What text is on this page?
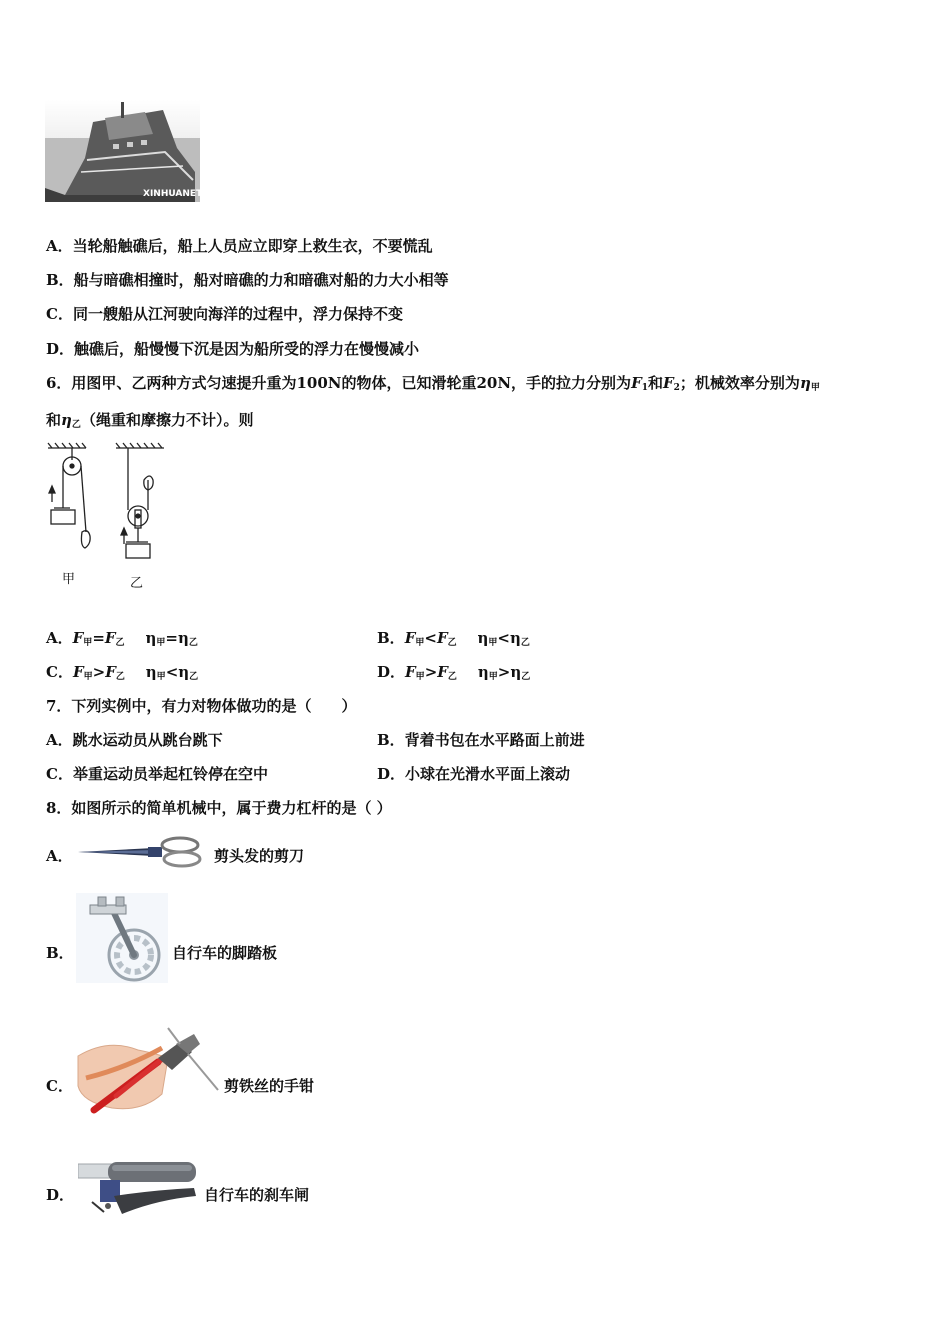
XINHUANET
A．当轮船触礁后，船上人员应立即穿上救生衣，不要慌乱
B．船与暗礁相撞时，船对暗礁的力和暗礁对船的力大小相等
C．同一艘船从江河驶向海洋的过程中，浮力保持不变
D．触礁后，船慢慢下沉是因为船所受的浮力在慢慢减小
6．用图甲、乙两种方式匀速提升重为100N的物体，已知滑轮重20N，手的拉力分别为$F_1$和$F_2$；机械效率分别为$\eta_甲$
和$\eta_乙$（绳重和摩擦力不计）。则
甲	乙
A．$F_甲=F_乙$ $\eta_甲=\eta_乙$	B．$F_甲<F_乙$ $\eta_甲<\eta_乙$
C．$F_甲>F_乙$ $\eta_甲<\eta_乙$	D．$F_甲>F_乙$ $\eta_甲>\eta_乙$
7．下列实例中，有力对物体做功的是（　　）
A．跳水运动员从跳台跳下	B．背着书包在水平路面上前进
C．举重运动员举起杠铃停在空中	D．小球在光滑水平面上滚动
8．如图所示的简单机械中，属于费力杠杆的是（ ）
A．	剪头发的剪刀
B．	自行车的脚踏板
C．	剪铁丝的手钳
D．	自行车的刹车闸
